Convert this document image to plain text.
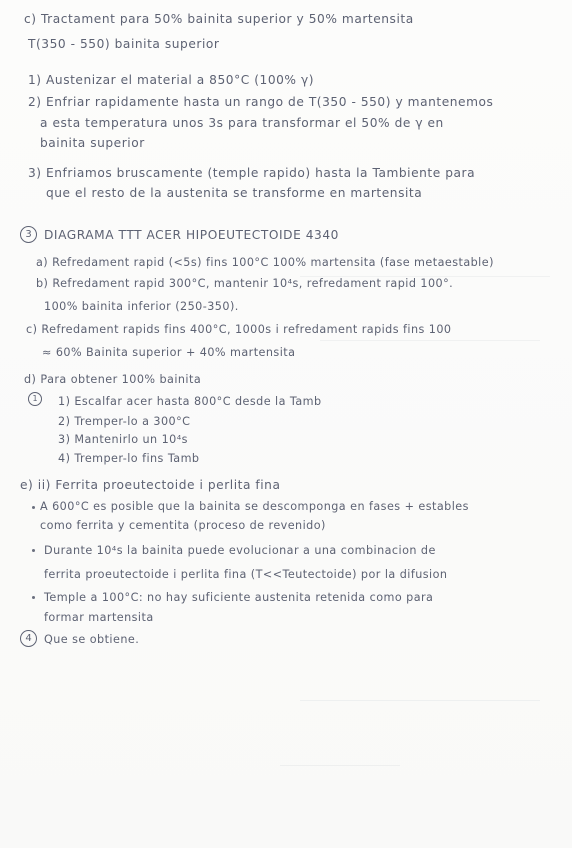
c) Tractament para 50% bainita superior y 50% martensita

T(350 - 550) bainita superior

1) Austenizar el material a 850°C (100% γ)

2) Enfriar rapidamente hasta un rango de T(350 - 550) y mantenemos

a esta temperatura unos 3s para transformar el 50% de γ en

bainita superior

3) Enfriamos bruscamente (temple rapido) hasta la Tambiente para

que el resto de la austenita se transforme en martensita

3	DIAGRAMA TTT ACER HIPOEUTECTOIDE 4340

a) Refredament rapid (<5s) fins 100°C 100% martensita (fase metaestable)

b) Refredament rapid 300°C, mantenir 10⁴s, refredament rapid 100°.

100% bainita inferior (250-350).

c) Refredament rapids fins 400°C, 1000s i refredament rapids fins 100

≈ 60% Bainita superior + 40% martensita

d) Para obtener 100% bainita

1	1) Escalfar acer hasta 800°C desde la Tamb

2) Tremper-lo a 300°C

3) Mantenirlo un 10⁴s

4) Tremper-lo fins Tamb

e) ii) Ferrita proeutectoide i perlita fina

A 600°C es posible que la bainita se descomponga en fases + estables

como ferrita y cementita (proceso de revenido)

Durante 10⁴s la bainita puede evolucionar a una combinacion de

ferrita proeutectoide i perlita fina (T<<Teutectoide) por la difusion

Temple a 100°C: no hay suficiente austenita retenida como para

formar martensita

4	Que se obtiene.
